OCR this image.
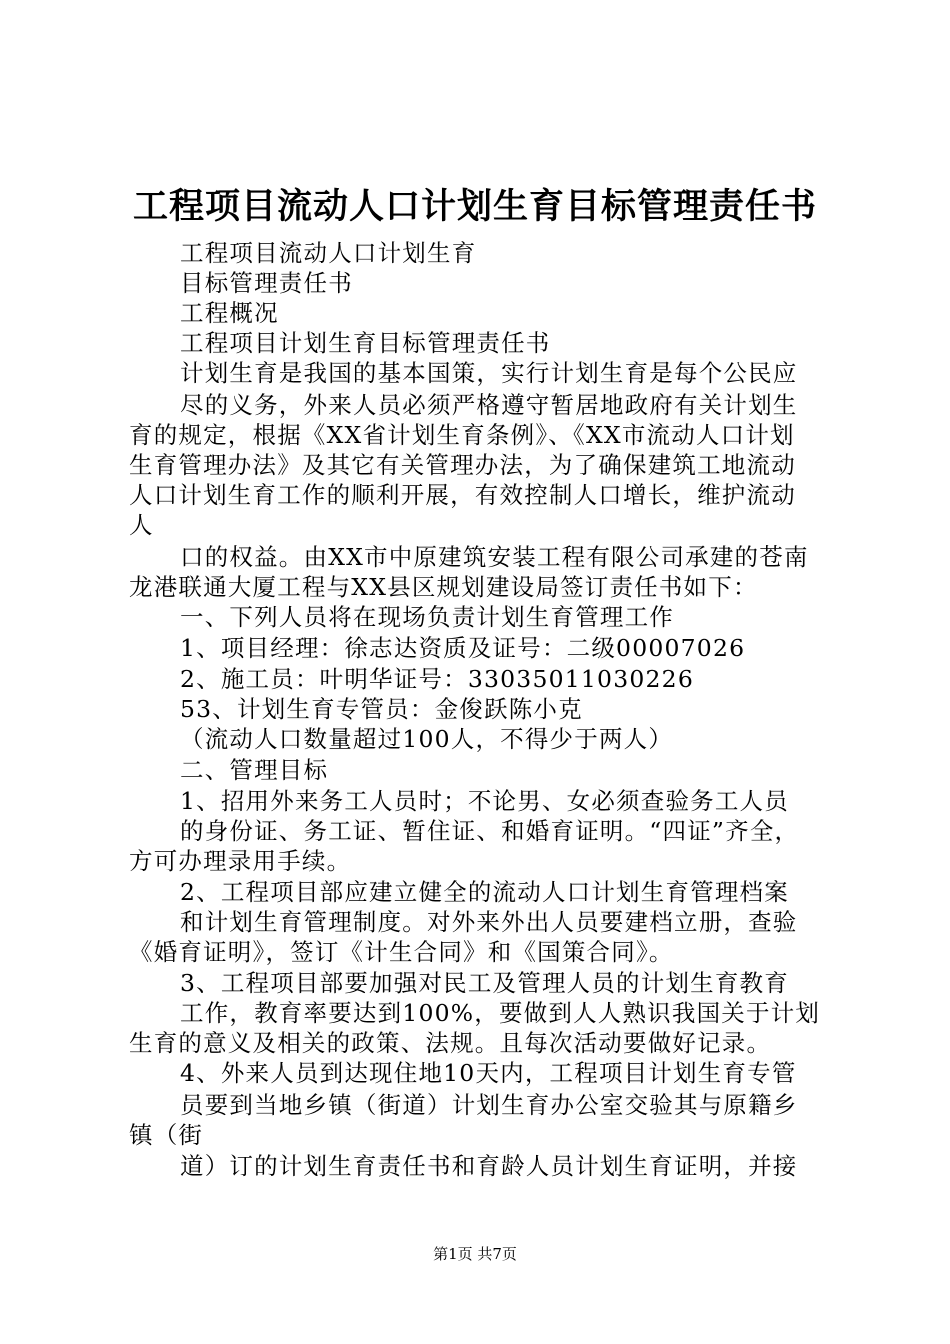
工程项目流动人口计划生育目标管理责任书
工程项目流动人口计划生育
目标管理责任书
工程概况
工程项目计划生育目标管理责任书
计划生育是我国的基本国策，实行计划生育是每个公民应
尽的义务，外来人员必须严格遵守暂居地政府有关计划生
育的规定，根据《XX省计划生育条例》、《XX市流动人口计划
生育管理办法》及其它有关管理办法，为了确保建筑工地流动
人口计划生育工作的顺利开展，有效控制人口增长，维护流动
人
口的权益。由XX市中原建筑安装工程有限公司承建的苍南
龙港联通大厦工程与XX县区规划建设局签订责任书如下：
一、下列人员将在现场负责计划生育管理工作
1、项目经理：徐志达资质及证号：二级00007026
2、施工员：叶明华证号：33035011030226
53、计划生育专管员：金俊跃陈小克
（流动人口数量超过100人，不得少于两人）
二、管理目标
1、招用外来务工人员时；不论男、女必须查验务工人员
的身份证、务工证、暂住证、和婚育证明。“四证”齐全，
方可办理录用手续。
2、工程项目部应建立健全的流动人口计划生育管理档案
和计划生育管理制度。对外来外出人员要建档立册，查验
《婚育证明》，签订《计生合同》和《国策合同》。
3、工程项目部要加强对民工及管理人员的计划生育教育
工作，教育率要达到100%，要做到人人熟识我国关于计划
生育的意义及相关的政策、法规。且每次活动要做好记录。
4、外来人员到达现住地10天内，工程项目计划生育专管
员要到当地乡镇（街道）计划生育办公室交验其与原籍乡
镇（街
道）订的计划生育责任书和育龄人员计划生育证明，并接
第1页 共7页
